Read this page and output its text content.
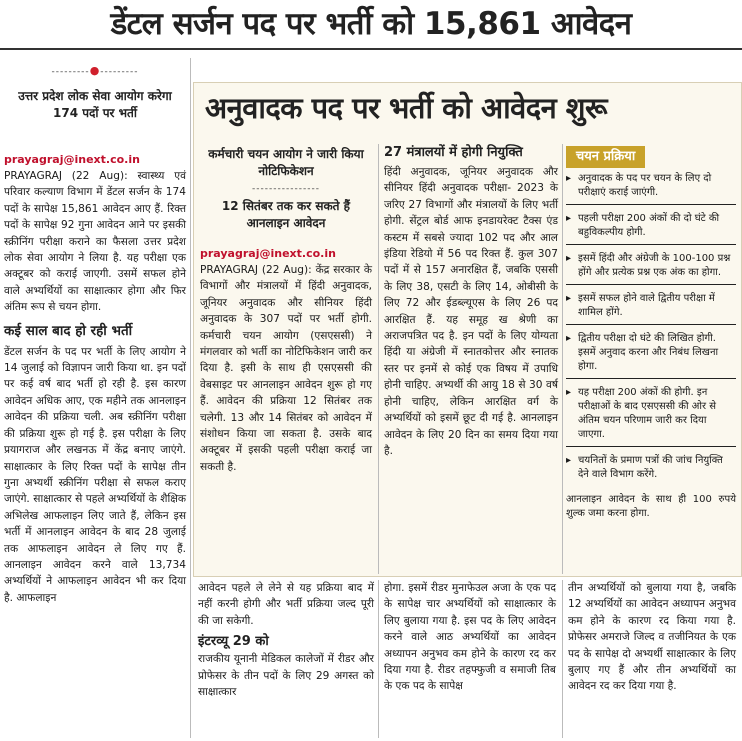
डेंटल सर्जन पद पर भर्ती को 15,861 आवेदन
---------●---------
उत्तर प्रदेश लोक सेवा आयोग करेगा 174 पदों पर भर्ती
prayagraj@inext.co.in

PRAYAGRAJ (22 Aug): स्वास्थ्य एवं परिवार कल्याण विभाग में डेंटल सर्जन के 174 पदों के सापेक्ष 15,861 आवेदन आए हैं. रिक्त पदों के सापेक्ष 92 गुना आवेदन आने पर इसकी स्क्रीनिंग परीक्षा कराने का फैसला उत्तर प्रदेश लोक सेवा आयोग ने लिया है. यह परीक्षा एक अक्टूबर को कराई जाएगी. उसमें सफल होने वाले अभ्यर्थियों का साक्षात्कार होगा और फिर अंतिम रूप से चयन होगा.

कई साल बाद हो रही भर्ती

डेंटल सर्जन के पद पर भर्ती के लिए आयोग ने 14 जुलाई को विज्ञापन जारी किया था. इन पदों पर कई वर्ष बाद भर्ती हो रही है. इस कारण आवेदन अधिक आए, एक महीने तक आनलाइन आवेदन की प्रक्रिया चली. अब स्क्रीनिंग परीक्षा की प्रक्रिया शुरू हो गई है. इस परीक्षा के लिए प्रयागराज और लखनऊ में केंद्र बनाए जाएंगे. साक्षात्कार के लिए रिक्त पदों के सापेक्ष तीन गुना अभ्यर्थी स्क्रीनिंग परीक्षा से सफल कराए जाएंगे. साक्षात्कार से पहले अभ्यर्थियों के शैक्षिक अभिलेख आफलाइन लिए जाते हैं, लेकिन इस भर्ती में आनलाइन आवेदन के बाद 28 जुलाई तक आफलाइन आवेदन ले लिए गए हैं. आनलाइन आवेदन करने वाले 13,734 अभ्यर्थियों ने आफलाइन आवेदन भी कर दिया है. आफलाइन

अनुवादक पद पर भर्ती को आवेदन शुरू
कर्मचारी चयन आयोग ने जारी किया नोटिफिकेशन
----------------
12 सितंबर तक कर सकते हैं आनलाइन आवेदन
prayagraj@inext.co.in

PRAYAGRAJ (22 Aug): केंद्र सरकार के विभागों और मंत्रालयों में हिंदी अनुवादक, जूनियर अनुवादक और सीनियर हिंदी अनुवादक के 307 पदों पर भर्ती होगी. कर्मचारी चयन आयोग (एसएससी) ने मंगलवार को भर्ती का नोटिफिकेशन जारी कर दिया है. इसी के साथ ही एसएससी की वेबसाइट पर आनलाइन आवेदन शुरू हो गए हैं. आवेदन की प्रक्रिया 12 सितंबर तक चलेगी. 13 और 14 सितंबर को आवेदन में संशोधन किया जा सकता है. उसके बाद अक्टूबर में इसकी पहली परीक्षा कराई जा सकती है.

27 मंत्रालयों में होगी नियुक्ति

हिंदी अनुवादक, जूनियर अनुवादक और सीनियर हिंदी अनुवादक परीक्षा- 2023 के जरिए 27 विभागों और मंत्रालयों के लिए भर्ती होगी. सेंट्रल बोर्ड आफ इनडायरेक्ट टैक्स एंड कस्टम में सबसे ज्यादा 102 पद और आल इंडिया रेडियो में 56 पद रिक्त हैं. कुल 307 पदों में से 157 अनारक्षित हैं, जबकि एससी के लिए 38, एसटी के लिए 14, ओबीसी के लिए 72 और ईडब्ल्यूएस के लिए 26 पद आरक्षित हैं. यह समूह ख श्रेणी का अराजपत्रित पद है. इन पदों के लिए योग्यता हिंदी या अंग्रेजी में स्नातकोत्तर और स्नातक स्तर पर इनमें से कोई एक विषय में उपाधि होनी चाहिए. अभ्यर्थी की आयु 18 से 30 वर्ष होनी चाहिए, लेकिन आरक्षित वर्ग के अभ्यर्थियों को इसमें छूट दी गई है. आनलाइन आवेदन के लिए 20 दिन का समय दिया गया है.

चयन प्रक्रिया
▸ अनुवादक के पद पर चयन के लिए दो परीक्षाएं कराई जाएंगी.
▸ पहली परीक्षा 200 अंकों की दो घंटे की बहुविकल्पीय होगी.
▸ इसमें हिंदी और अंग्रेजी के 100-100 प्रश्न होंगे और प्रत्येक प्रश्न एक अंक का होगा.
▸ इसमें सफल होने वाले द्वितीय परीक्षा में शामिल होंगे.
▸ द्वितीय परीक्षा दो घंटे की लिखित होगी. इसमें अनुवाद करना और निबंध लिखना होगा.
▸ यह परीक्षा 200 अंकों की होगी. इन परीक्षाओं के बाद एसएससी की ओर से अंतिम चयन परिणाम जारी कर दिया जाएगा.
▸ चयनितों के प्रमाण पत्रों की जांच नियुक्ति देने वाले विभाग करेंगे.
आनलाइन आवेदन के साथ ही 100 रुपये शुल्क जमा करना होगा.

आवेदन पहले ले लेने से यह प्रक्रिया बाद में नहीं करनी होगी और भर्ती प्रक्रिया जल्द पूरी की जा सकेगी.

इंटरव्यू 29 को

राजकीय यूनानी मेडिकल कालेजों में रीडर और प्रोफेसर के तीन पदों के लिए 29 अगस्त को साक्षात्कार

होगा. इसमें रीडर मुनाफेउल अजा के एक पद के सापेक्ष चार अभ्यर्थियों को साक्षात्कार के लिए बुलाया गया है. इस पद के लिए आवेदन करने वाले आठ अभ्यर्थियों का आवेदन अध्यापन अनुभव कम होने के कारण रद कर दिया गया है. रीडर तहफ्फुजी व समाजी तिब के एक पद के सापेक्ष

तीन अभ्यर्थियों को बुलाया गया है, जबकि 12 अभ्यर्थियों का आवेदन अध्यापन अनुभव कम होने के कारण रद किया गया है. प्रोफेसर अमराजे जिल्द व तजीनियत के एक पद के सापेक्ष दो अभ्यर्थी साक्षात्कार के लिए बुलाए गए हैं और तीन अभ्यर्थियों का आवेदन रद कर दिया गया है.
